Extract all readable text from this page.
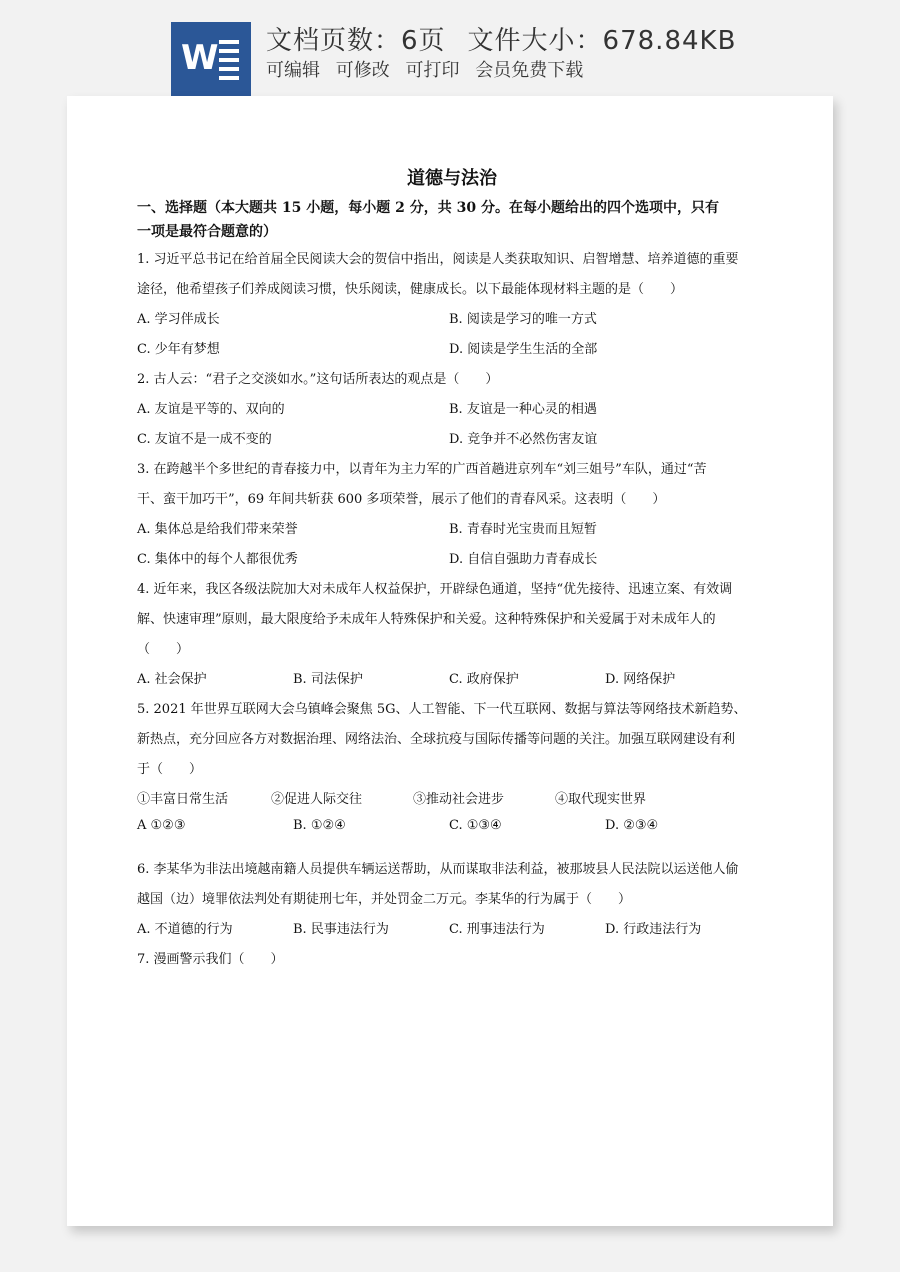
W 文档页数：6页 文件大小：678.84KB
可编辑 可修改 可打印 会员免费下载
道德与法治
一、选择题（本大题共 15 小题，每小题 2 分，共 30 分。在每小题给出的四个选项中，只有
一项是最符合题意的）
1. 习近平总书记在给首届全民阅读大会的贺信中指出，阅读是人类获取知识、启智增慧、培养道德的重要
途径，他希望孩子们养成阅读习惯，快乐阅读，健康成长。以下最能体现材料主题的是（　　）
A. 学习伴成长	B. 阅读是学习的唯一方式
C. 少年有梦想	D. 阅读是学生生活的全部
2. 古人云：“君子之交淡如水。”这句话所表达的观点是（　　）
A. 友谊是平等的、双向的	B. 友谊是一种心灵的相遇
C. 友谊不是一成不变的	D. 竞争并不必然伤害友谊
3. 在跨越半个多世纪的青春接力中，以青年为主力军的广西首趟进京列车“刘三姐号”车队，通过“苦
干、蛮干加巧干”，69 年间共斩获 600 多项荣誉，展示了他们的青春风采。这表明（　　）
A. 集体总是给我们带来荣誉	B. 青春时光宝贵而且短暂
C. 集体中的每个人都很优秀	D. 自信自强助力青春成长
4. 近年来，我区各级法院加大对未成年人权益保护，开辟绿色通道，坚持“优先接待、迅速立案、有效调
解、快速审理”原则，最大限度给予未成年人特殊保护和关爱。这种特殊保护和关爱属于对未成年人的
（　　）
A. 社会保护	B. 司法保护	C. 政府保护	D. 网络保护
5. 2021 年世界互联网大会乌镇峰会聚焦 5G、人工智能、下一代互联网、数据与算法等网络技术新趋势、
新热点，充分回应各方对数据治理、网络法治、全球抗疫与国际传播等问题的关注。加强互联网建设有利
于（　　）
①丰富日常生活	②促进人际交往	③推动社会进步	④取代现实世界
A ①②③	B. ①②④	C. ①③④	D. ②③④
6. 李某华为非法出境越南籍人员提供车辆运送帮助，从而谋取非法利益，被那坡县人民法院以运送他人偷
越国（边）境罪依法判处有期徒刑七年，并处罚金二万元。李某华的行为属于（　　）
A. 不道德的行为	B. 民事违法行为	C. 刑事违法行为	D. 行政违法行为
7. 漫画警示我们（　　）
